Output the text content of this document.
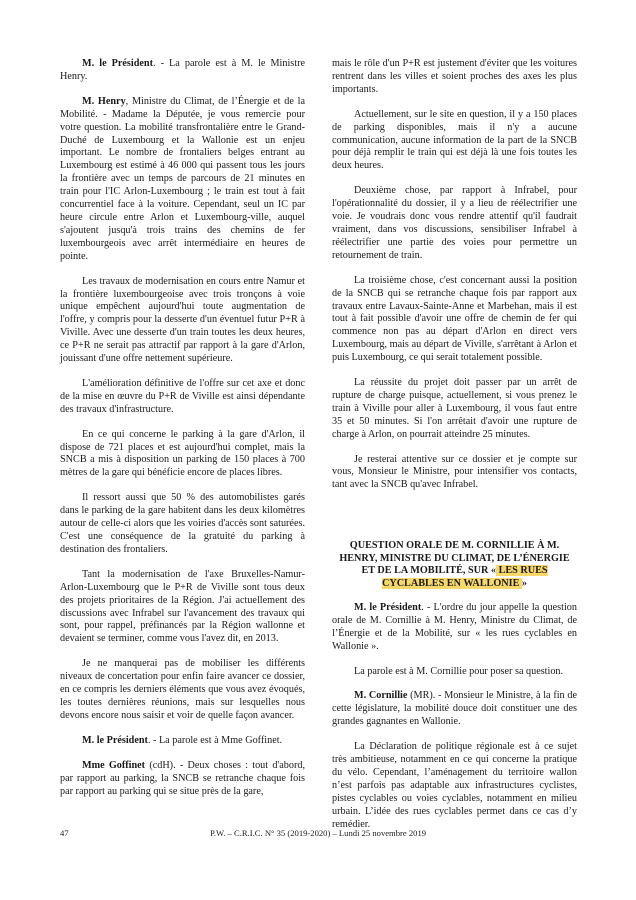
M. le Président. - La parole est à M. le Ministre Henry.

M. Henry, Ministre du Climat, de l’Énergie et de la Mobilité. - Madame la Députée, je vous remercie pour votre question. La mobilité transfrontalière entre le Grand-Duché de Luxembourg et la Wallonie est un enjeu important. Le nombre de frontaliers belges entrant au Luxembourg est estimé à 46 000 qui passent tous les jours la frontière avec un temps de parcours de 21 minutes en train pour l'IC Arlon-Luxembourg ; le train est tout à fait concurrentiel face à la voiture. Cependant, seul un IC par heure circule entre Arlon et Luxembourg-ville, auquel s'ajoutent jusqu'à trois trains des chemins de fer luxembourgeois avec arrêt intermédiaire en heures de pointe.

Les travaux de modernisation en cours entre Namur et la frontière luxembourgeoise avec trois tronçons à voie unique empêchent aujourd'hui toute augmentation de l'offre, y compris pour la desserte d'un éventuel futur P+R à Viville. Avec une desserte d'un train toutes les deux heures, ce P+R ne serait pas attractif par rapport à la gare d'Arlon, jouissant d'une offre nettement supérieure.

L'amélioration définitive de l'offre sur cet axe et donc de la mise en œuvre du P+R de Viville est ainsi dépendante des travaux d'infrastructure.

En ce qui concerne le parking à la gare d'Arlon, il dispose de 721 places et est aujourd'hui complet, mais la SNCB a mis à disposition un parking de 150 places à 700 mètres de la gare qui bénéficie encore de places libres.

Il ressort aussi que 50 % des automobilistes garés dans le parking de la gare habitent dans les deux kilomètres autour de celle-ci alors que les voiries d'accès sont saturées. C'est une conséquence de la gratuité du parking à destination des frontaliers.

Tant la modernisation de l'axe Bruxelles-Namur-Arlon-Luxembourg que le P+R de Viville sont tous deux des projets prioritaires de la Région. J'ai actuellement des discussions avec Infrabel sur l'avancement des travaux qui sont, pour rappel, préfinancés par la Région wallonne et devaient se terminer, comme vous l'avez dit, en 2013.

Je ne manquerai pas de mobiliser les différents niveaux de concertation pour enfin faire avancer ce dossier, en ce compris les derniers éléments que vous avez évoqués, les toutes dernières réunions, mais sur lesquelles nous devons encore nous saisir et voir de quelle façon avancer.

M. le Président. - La parole est à Mme Goffinet.

Mme Goffinet (cdH). - Deux choses : tout d'abord, par rapport au parking, la SNCB se retranche chaque fois par rapport au parking qui se situe près de la gare,

mais le rôle d'un P+R est justement d'éviter que les voitures rentrent dans les villes et soient proches des axes les plus importants.

Actuellement, sur le site en question, il y a 150 places de parking disponibles, mais il n'y a aucune communication, aucune information de la part de la SNCB pour déjà remplir le train qui est déjà là une fois toutes les deux heures.

Deuxième chose, par rapport à Infrabel, pour l'opérationnalité du dossier, il y a lieu de réélectrifier une voie. Je voudrais donc vous rendre attentif qu'il faudrait vraiment, dans vos discussions, sensibiliser Infrabel à réélectrifier une partie des voies pour permettre un retournement de train.

La troisième chose, c'est concernant aussi la position de la SNCB qui se retranche chaque fois par rapport aux travaux entre Lavaux-Sainte-Anne et Marbehan, mais il est tout à fait possible d'avoir une offre de chemin de fer qui commence non pas au départ d'Arlon en direct vers Luxembourg, mais au départ de Viville, s'arrêtant à Arlon et puis Luxembourg, ce qui serait totalement possible.

La réussite du projet doit passer par un arrêt de rupture de charge puisque, actuellement, si vous prenez le train à Viville pour aller à Luxembourg, il vous faut entre 35 et 50 minutes. Si l'on arrêtait d'avoir une rupture de charge à Arlon, on pourrait atteindre 25 minutes.

Je resterai attentive sur ce dossier et je compte sur vous, Monsieur le Ministre, pour intensifier vos contacts, tant avec la SNCB qu'avec Infrabel.

QUESTION ORALE DE M. CORNILLIE À M. HENRY, MINISTRE DU CLIMAT, DE L’ÉNERGIE ET DE LA MOBILITÉ, SUR « LES RUES CYCLABLES EN WALLONIE »

M. le Président. - L'ordre du jour appelle la question orale de M. Cornillie à M. Henry, Ministre du Climat, de l’Énergie et de la Mobilité, sur « les rues cyclables en Wallonie ».

La parole est à M. Cornillie pour poser sa question.

M. Cornillie (MR). - Monsieur le Ministre, à la fin de cette législature, la mobilité douce doit constituer une des grandes gagnantes en Wallonie.

La Déclaration de politique régionale est à ce sujet très ambitieuse, notamment en ce qui concerne la pratique du vélo. Cependant, l’aménagement du territoire wallon n’est parfois pas adaptable aux infrastructures cyclistes, pistes cyclables ou voies cyclables, notamment en milieu urbain. L’idée des rues cyclables permet dans ce cas d’y remédier.

47	P.W. – C.R.I.C. N° 35 (2019-2020) – Lundi 25 novembre 2019
